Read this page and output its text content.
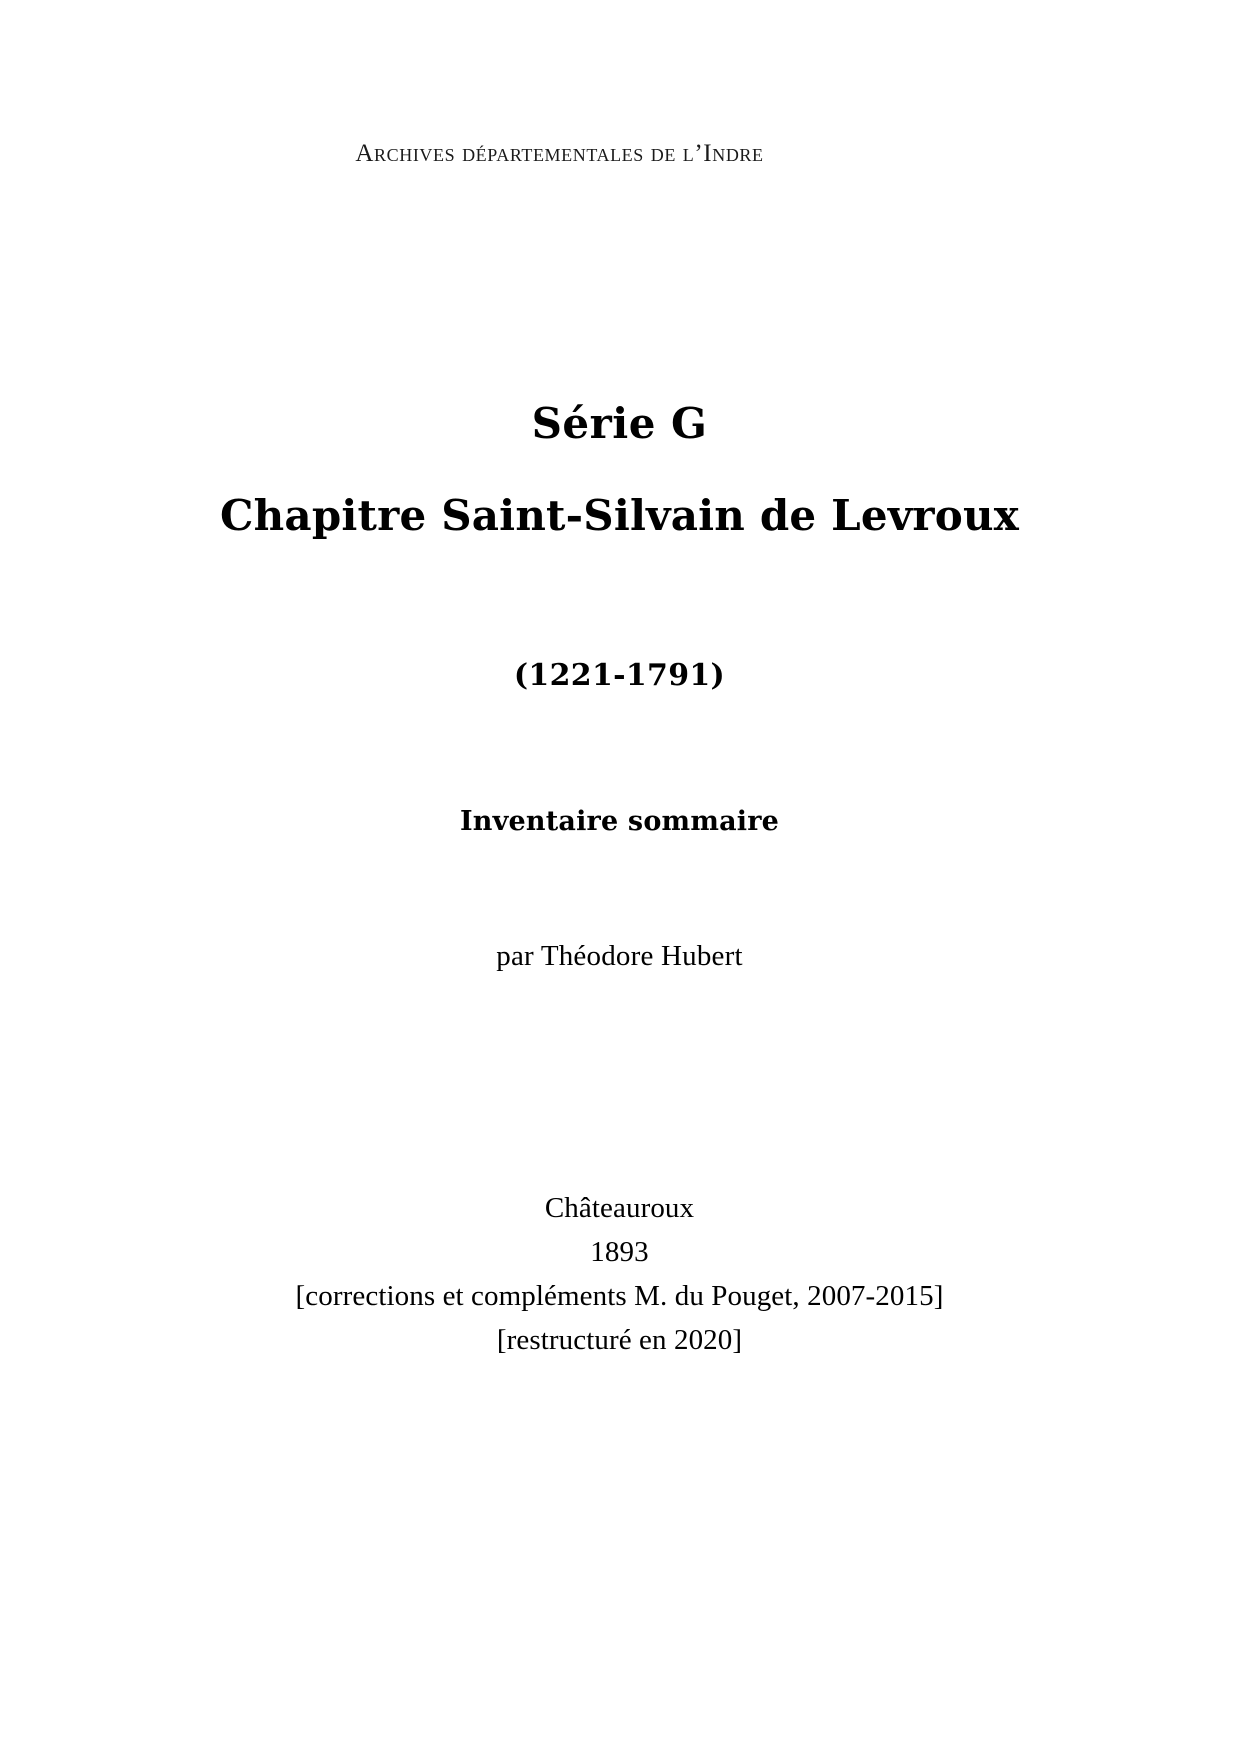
Archives départementales de l’Indre
Série G
Chapitre Saint-Silvain de Levroux
(1221-1791)
Inventaire sommaire
par Théodore Hubert
Châteauroux
1893
[corrections et compléments M. du Pouget, 2007-2015]
[restructuré en 2020]
